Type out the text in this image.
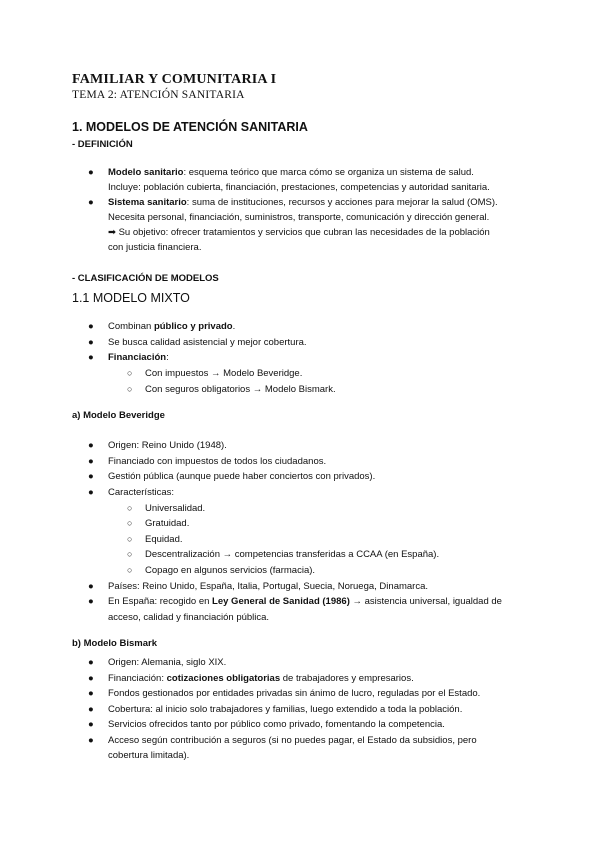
FAMILIAR Y COMUNITARIA I
TEMA 2: ATENCIÓN SANITARIA
1. MODELOS DE ATENCIÓN SANITARIA
- DEFINICIÓN
● Modelo sanitario: esquema teórico que marca cómo se organiza un sistema de salud.
Incluye: población cubierta, financiación, prestaciones, competencias y autoridad sanitaria.
● Sistema sanitario: suma de instituciones, recursos y acciones para mejorar la salud (OMS).
Necesita personal, financiación, suministros, transporte, comunicación y dirección general.
➡ Su objetivo: ofrecer tratamientos y servicios que cubran las necesidades de la población
con justicia financiera.
- CLASIFICACIÓN DE MODELOS
1.1 MODELO MIXTO
● Combinan público y privado.
● Se busca calidad asistencial y mejor cobertura.
● Financiación:
○ Con impuestos → Modelo Beveridge.
○ Con seguros obligatorios → Modelo Bismark.
a) Modelo Beveridge
● Origen: Reino Unido (1948).
● Financiado con impuestos de todos los ciudadanos.
● Gestión pública (aunque puede haber conciertos con privados).
● Características:
○ Universalidad.
○ Gratuidad.
○ Equidad.
○ Descentralización → competencias transferidas a CCAA (en España).
○ Copago en algunos servicios (farmacia).
● Países: Reino Unido, España, Italia, Portugal, Suecia, Noruega, Dinamarca.
● En España: recogido en Ley General de Sanidad (1986) → asistencia universal, igualdad de
acceso, calidad y financiación pública.
b) Modelo Bismark
● Origen: Alemania, siglo XIX.
● Financiación: cotizaciones obligatorias de trabajadores y empresarios.
● Fondos gestionados por entidades privadas sin ánimo de lucro, reguladas por el Estado.
● Cobertura: al inicio solo trabajadores y familias, luego extendido a toda la población.
● Servicios ofrecidos tanto por público como privado, fomentando la competencia.
● Acceso según contribución a seguros (si no puedes pagar, el Estado da subsidios, pero
cobertura limitada).
